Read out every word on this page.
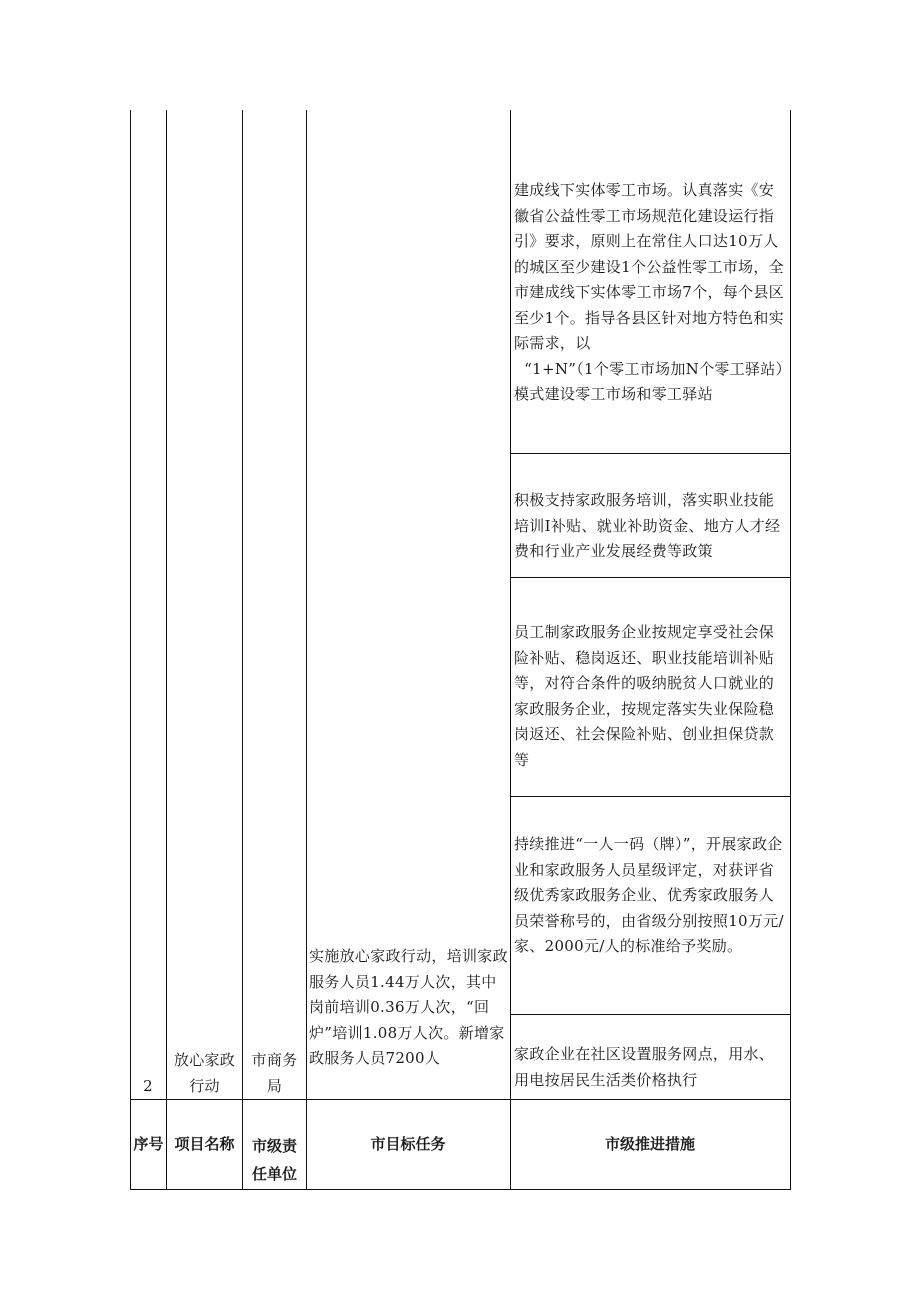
建成线下实体零工市场。认真落实《安徽省公益性零工市场规范化建设运行指引》要求，原则上在常住人口达10万人的城区至少建设1个公益性零工市场，全市建成线下实体零工市场7个，每个县区至少1个。指导各县区针对地方特色和实际需求，以
“1+N”（1个零工市场加N个零工驿站）模式建设零工市场和零工驿站
积极支持家政服务培训，落实职业技能培训I补贴、就业补助资金、地方人才经费和行业产业发展经费等政策
员工制家政服务企业按规定享受社会保险补贴、稳岗返还、职业技能培训补贴等，对符合条件的吸纳脱贫人口就业的家政服务企业，按规定落实失业保险稳岗返还、社会保险补贴、创业担保贷款等
持续推进“一人一码（牌）”，开展家政企业和家政服务人员星级评定，对获评省级优秀家政服务企业、优秀家政服务人员荣誉称号的，由省级分别按照10万元/家、2000元/人的标准给予奖励。
家政企业在社区设置服务网点，用水、用电按居民生活类价格执行
2
放心家政
行动
市商务
局
实施放心家政行动，培训家政服务人员1.44万人次，其中岗前培训0.36万人次，“回炉”培训1.08万人次。新增家政服务人员7200人
序号 项目名称	市级责
任单位
市目标任务	市级推进措施
